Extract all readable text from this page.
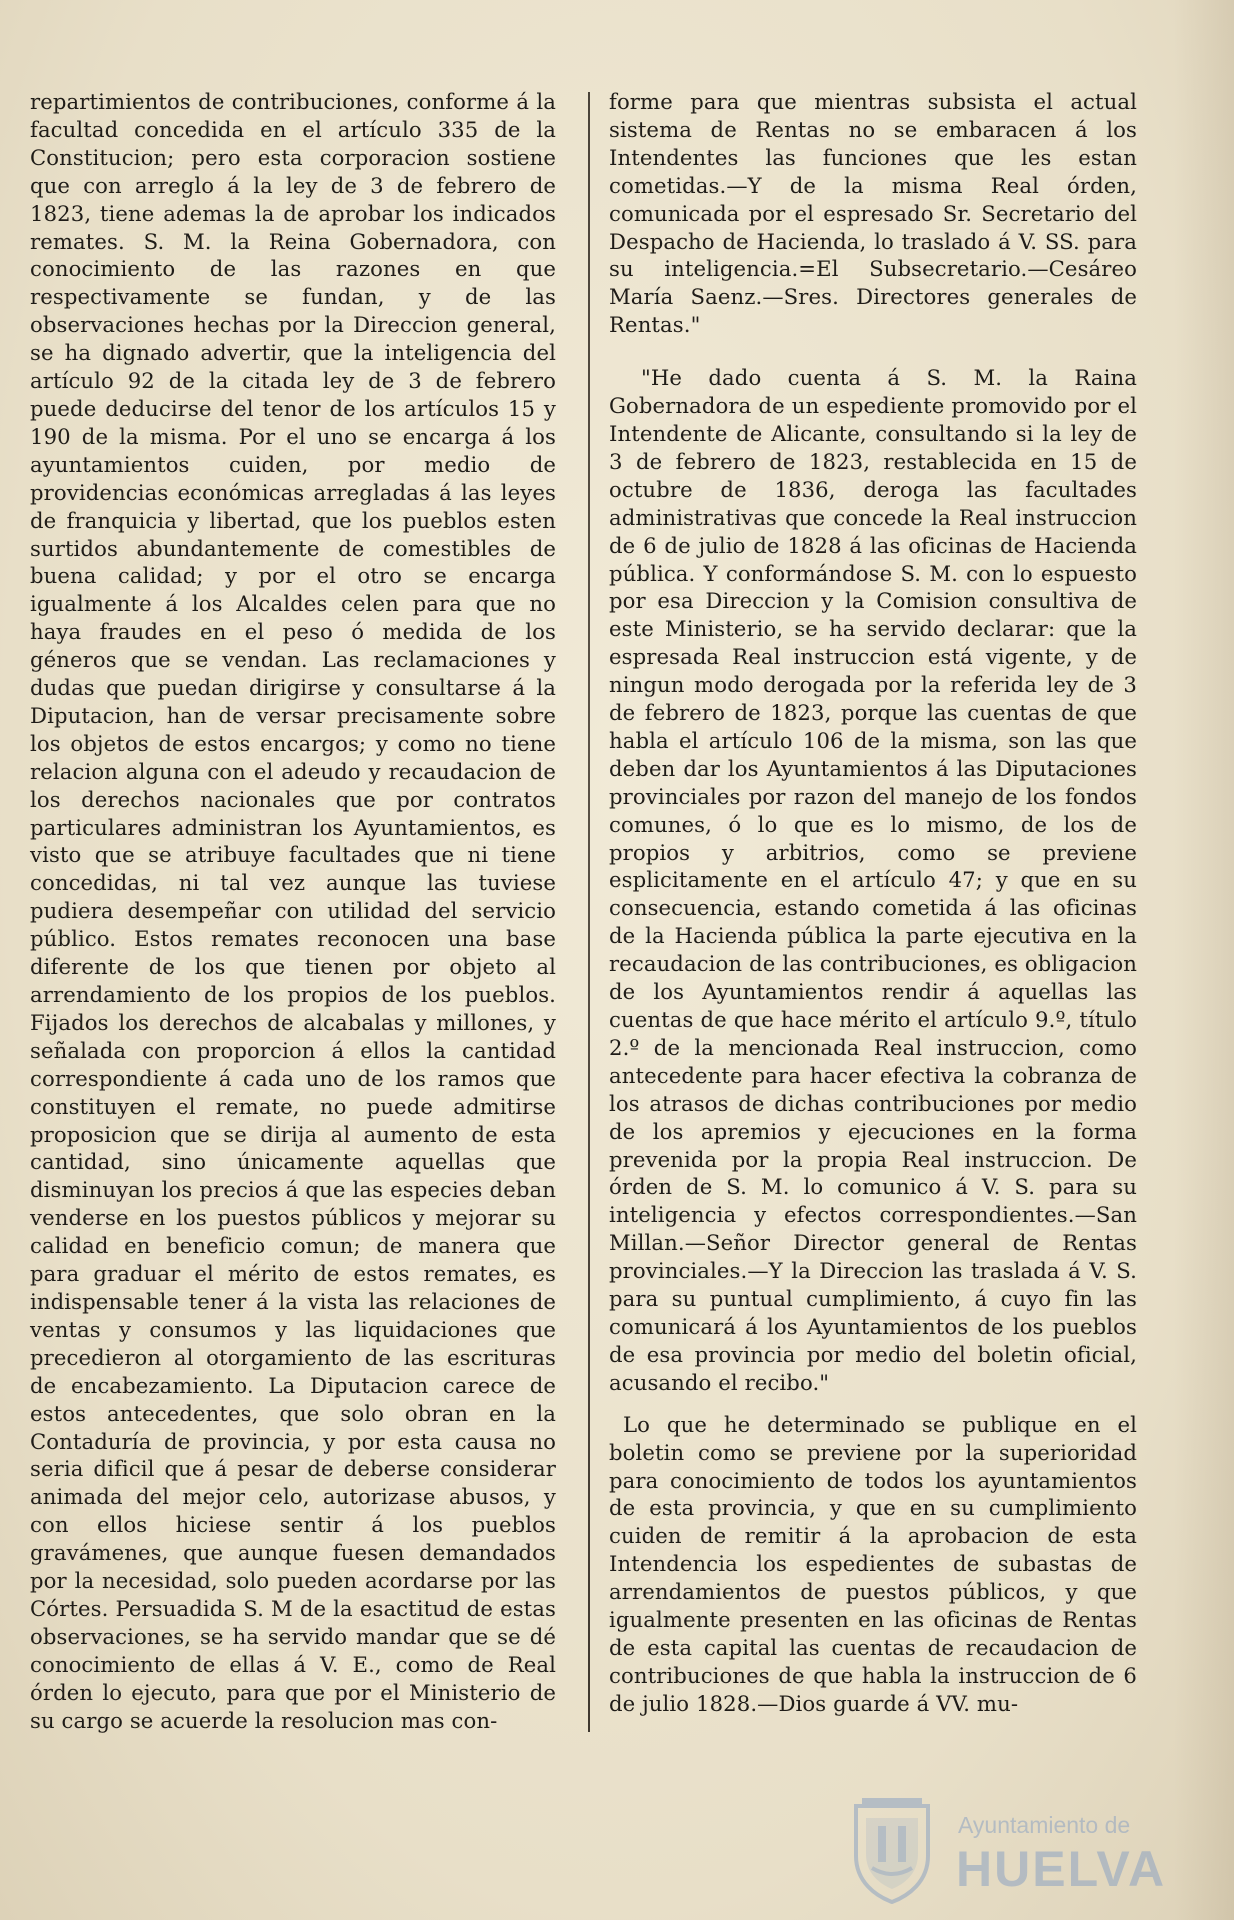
repartimientos de contribuciones, conforme á la facultad concedida en el artículo 335 de la Constitucion; pero esta corporacion sostiene que con arreglo á la ley de 3 de febrero de 1823, tiene ademas la de aprobar los indicados remates. S. M. la Reina Gobernadora, con conocimiento de las razones en que respectivamente se fundan, y de las observaciones hechas por la Direccion general, se ha dignado advertir, que la inteligencia del artículo 92 de la citada ley de 3 de febrero puede deducirse del tenor de los artículos 15 y 190 de la misma. Por el uno se encarga á los ayuntamientos cuiden, por medio de providencias económicas arregladas á las leyes de franquicia y libertad, que los pueblos esten surtidos abundantemente de comestibles de buena calidad; y por el otro se encarga igualmente á los Alcaldes celen para que no haya fraudes en el peso ó medida de los géneros que se vendan. Las reclamaciones y dudas que puedan dirigirse y consultarse á la Diputacion, han de versar precisamente sobre los objetos de estos encargos; y como no tiene relacion alguna con el adeudo y recaudacion de los derechos nacionales que por contratos particulares administran los Ayuntamientos, es visto que se atribuye facultades que ni tiene concedidas, ni tal vez aunque las tuviese pudiera desempeñar con utilidad del servicio público. Estos remates reconocen una base diferente de los que tienen por objeto al arrendamiento de los propios de los pueblos. Fijados los derechos de alcabalas y millones, y señalada con proporcion á ellos la cantidad correspondiente á cada uno de los ramos que constituyen el remate, no puede admitirse proposicion que se dirija al aumento de esta cantidad, sino únicamente aquellas que disminuyan los precios á que las especies deban venderse en los puestos públicos y mejorar su calidad en beneficio comun; de manera que para graduar el mérito de estos remates, es indispensable tener á la vista las relaciones de ventas y consumos y las liquidaciones que precedieron al otorgamiento de las escrituras de encabezamiento. La Diputacion carece de estos antecedentes, que solo obran en la Contaduría de provincia, y por esta causa no seria dificil que á pesar de deberse considerar animada del mejor celo, autorizase abusos, y con ellos hiciese sentir á los pueblos gravámenes, que aunque fuesen demandados por la necesidad, solo pueden acordarse por las Córtes. Persuadida S. M de la esactitud de estas observaciones, se ha servido mandar que se dé conocimiento de ellas á V. E., como de Real órden lo ejecuto, para que por el Ministerio de su cargo se acuerde la resolucion mas con-

forme para que mientras subsista el actual sistema de Rentas no se embaracen á los Intendentes las funciones que les estan cometidas.—Y de la misma Real órden, comunicada por el espresado Sr. Secretario del Despacho de Hacienda, lo traslado á V. SS. para su inteligencia.=El Subsecretario.—Cesáreo María Saenz.—Sres. Directores generales de Rentas."

"He dado cuenta á S. M. la Raina Gobernadora de un espediente promovido por el Intendente de Alicante, consultando si la ley de 3 de febrero de 1823, restablecida en 15 de octubre de 1836, deroga las facultades administrativas que concede la Real instruccion de 6 de julio de 1828 á las oficinas de Hacienda pública. Y conformándose S. M. con lo espuesto por esa Direccion y la Comision consultiva de este Ministerio, se ha servido declarar: que la espresada Real instruccion está vigente, y de ningun modo derogada por la referida ley de 3 de febrero de 1823, porque las cuentas de que habla el artículo 106 de la misma, son las que deben dar los Ayuntamientos á las Diputaciones provinciales por razon del manejo de los fondos comunes, ó lo que es lo mismo, de los de propios y arbitrios, como se previene esplicitamente en el artículo 47; y que en su consecuencia, estando cometida á las oficinas de la Hacienda pública la parte ejecutiva en la recaudacion de las contribuciones, es obligacion de los Ayuntamientos rendir á aquellas las cuentas de que hace mérito el artículo 9.º, título 2.º de la mencionada Real instruccion, como antecedente para hacer efectiva la cobranza de los atrasos de dichas contribuciones por medio de los apremios y ejecuciones en la forma prevenida por la propia Real instruccion. De órden de S. M. lo comunico á V. S. para su inteligencia y efectos correspondientes.—San Millan.—Señor Director general de Rentas provinciales.—Y la Direccion las traslada á V. S. para su puntual cumplimiento, á cuyo fin las comunicará á los Ayuntamientos de los pueblos de esa provincia por medio del boletin oficial, acusando el recibo."

Lo que he determinado se publique en el boletin como se previene por la superioridad para conocimiento de todos los ayuntamientos de esta provincia, y que en su cumplimiento cuiden de remitir á la aprobacion de esta Intendencia los espedientes de subastas de arrendamientos de puestos públicos, y que igualmente presenten en las oficinas de Rentas de esta capital las cuentas de recaudacion de contribuciones de que habla la instruccion de 6 de julio 1828.—Dios guarde á VV. mu-

Ayuntamiento de
HUELVA
